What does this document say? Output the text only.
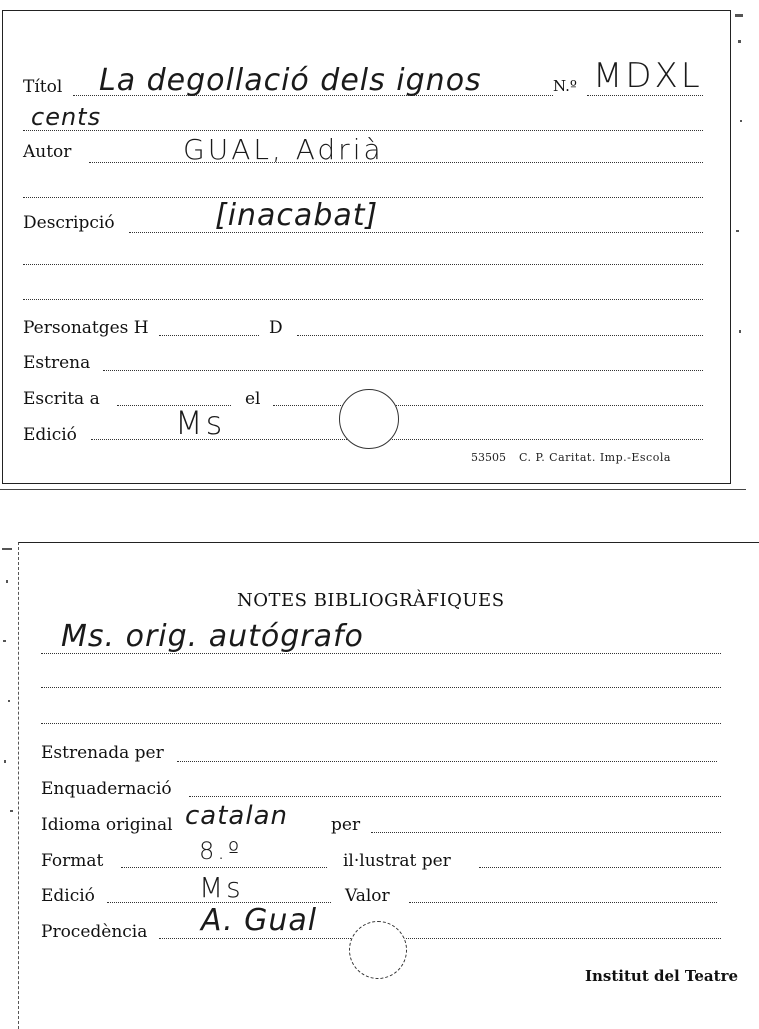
Títol La degollació dels ignos	N.º MDXL
cents
Autor	GUAL, Adrià
Descripció	[inacabat]
Personatges H	D
Estrena
Escrita a	el
Edició	Ms
53505 C. P. Caritat. Imp.-Escola
NOTES BIBLIOGRÀFIQUES
Ms. orig. autógrafo
Estrenada per
Enquadernació
Idioma original catalan	per
Format	8.º	il·lustrat per
Edició	Ms	Valor
Procedència A. Gual
Institut del Teatre
